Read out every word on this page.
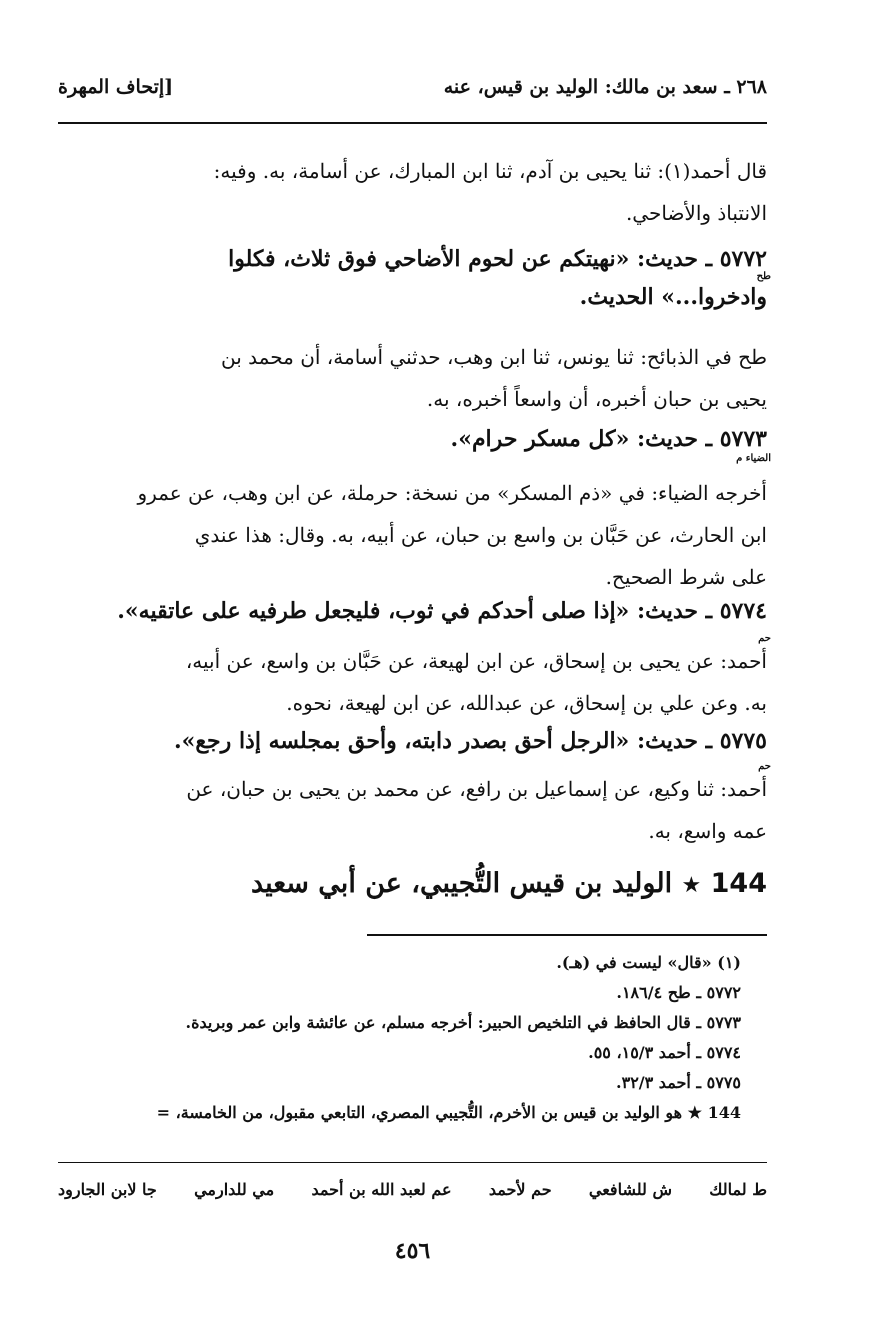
٢٦٨ ـ سعد بن مالك: الوليد بن قيس، عنه
[إتحاف المهرة

قال أحمد(١): ثنا يحيى بن آدم، ثنا ابن المبارك، عن أسامة، به. وفيه:

الانتباذ والأضاحي.

٥٧٧٢ ـ حديث: «نهيتكم عن لحوم الأضاحي فوق ثلاث، فكلوا

وادخروا...» الحديث.

طح

طح في الذبائح: ثنا يونس، ثنا ابن وهب، حدثني أسامة، أن محمد بن

يحيى بن حبان أخبره، أن واسعاً أخبره، به.

٥٧٧٣ ـ حديث: «كل مسكر حرام».

الضياء م

أخرجه الضياء: في «ذم المسكر» من نسخة: حرملة، عن ابن وهب، عن عمرو

ابن الحارث، عن حَبَّان بن واسع بن حبان، عن أبيه، به. وقال: هذا عندي

على شرط الصحيح.

٥٧٧٤ ـ حديث: «إذا صلى أحدكم في ثوب، فليجعل طرفيه على عاتقيه».

حم

أحمد: عن يحيى بن إسحاق، عن ابن لهيعة، عن حَبَّان بن واسع، عن أبيه،

به. وعن علي بن إسحاق، عن عبدالله، عن ابن لهيعة، نحوه.

٥٧٧٥ ـ حديث: «الرجل أحق بصدر دابته، وأحق بمجلسه إذا رجع».

حم

أحمد: ثنا وكيع، عن إسماعيل بن رافع، عن محمد بن يحيى بن حبان، عن

عمه واسع، به.

144 ★ الوليد بن قيس التُّجيبي، عن أبي سعيد

(١) «قال» ليست في (هـ).

٥٧٧٢ ـ طح ١٨٦/٤.

٥٧٧٣ ـ قال الحافظ في التلخيص الحبير: أخرجه مسلم، عن عائشة وابن عمر وبريدة.

٥٧٧٤ ـ أحمد ١٥/٣، ٥٥.

٥٧٧٥ ـ أحمد ٣٢/٣.

144 ★ هو الوليد بن قيس بن الأخرم، التُّجيبي المصري، التابعي مقبول، من الخامسة، =

ط لمالك
ش للشافعي
حم لأحمد
عم لعبد الله بن أحمد
مي للدارمي
جا لابن الجارود
٤٥٦
